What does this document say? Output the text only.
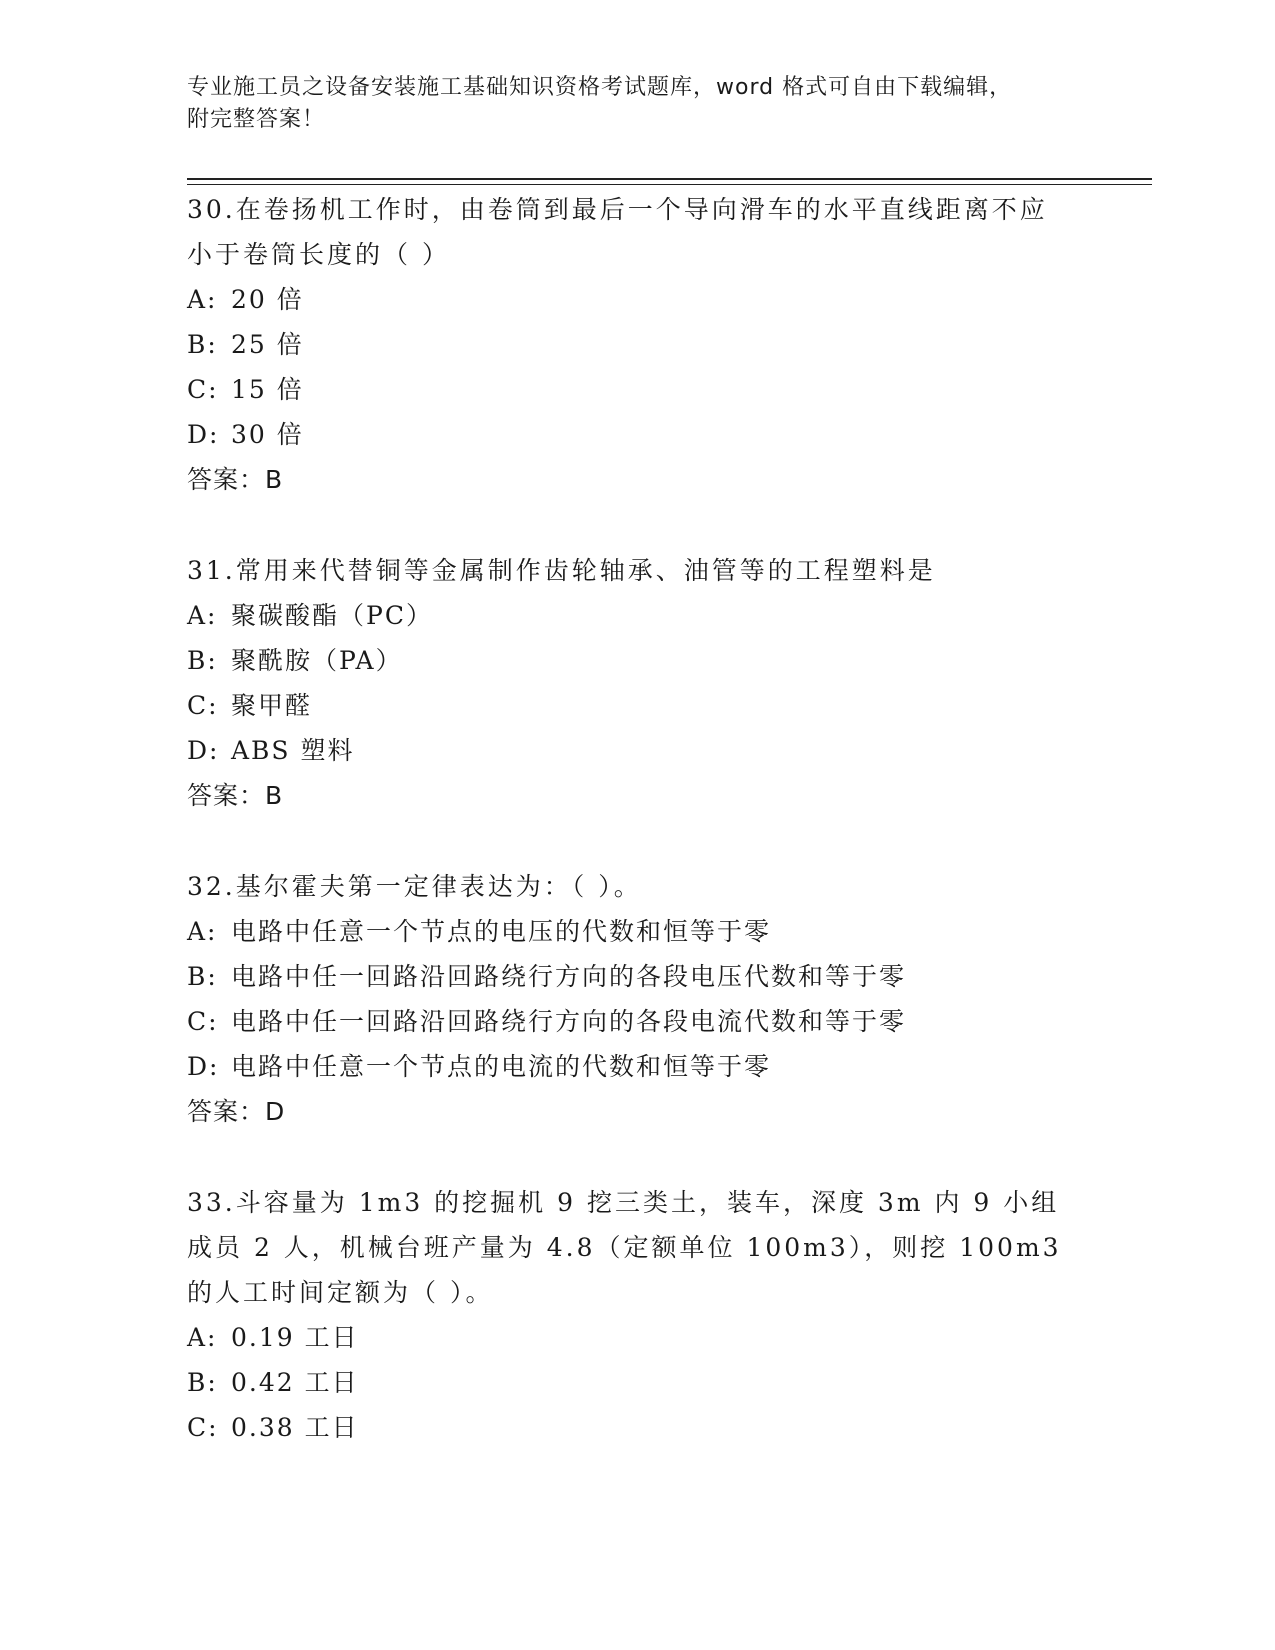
专业施工员之设备安装施工基础知识资格考试题库，word 格式可自由下载编辑，
附完整答案！
30.在卷扬机工作时，由卷筒到最后一个导向滑车的水平直线距离不应小于卷筒长度的（ ）
A: 20 倍
B: 25 倍
C: 15 倍
D: 30 倍
答案：B
31.常用来代替铜等金属制作齿轮轴承、油管等的工程塑料是
A: 聚碳酸酯（PC）
B: 聚酰胺（PA）
C: 聚甲醛
D: ABS 塑料
答案：B
32.基尔霍夫第一定律表达为：（ ）。
A: 电路中任意一个节点的电压的代数和恒等于零
B: 电路中任一回路沿回路绕行方向的各段电压代数和等于零
C: 电路中任一回路沿回路绕行方向的各段电流代数和等于零
D: 电路中任意一个节点的电流的代数和恒等于零
答案：D
33.斗容量为 1m3 的挖掘机 9 挖三类土，装车，深度 3m 内 9 小组成员 2 人，机械台班产量为 4.8（定额单位 100m3），则挖 100m3 的人工时间定额为（ ）。
A: 0.19 工日
B: 0.42 工日
C: 0.38 工日
